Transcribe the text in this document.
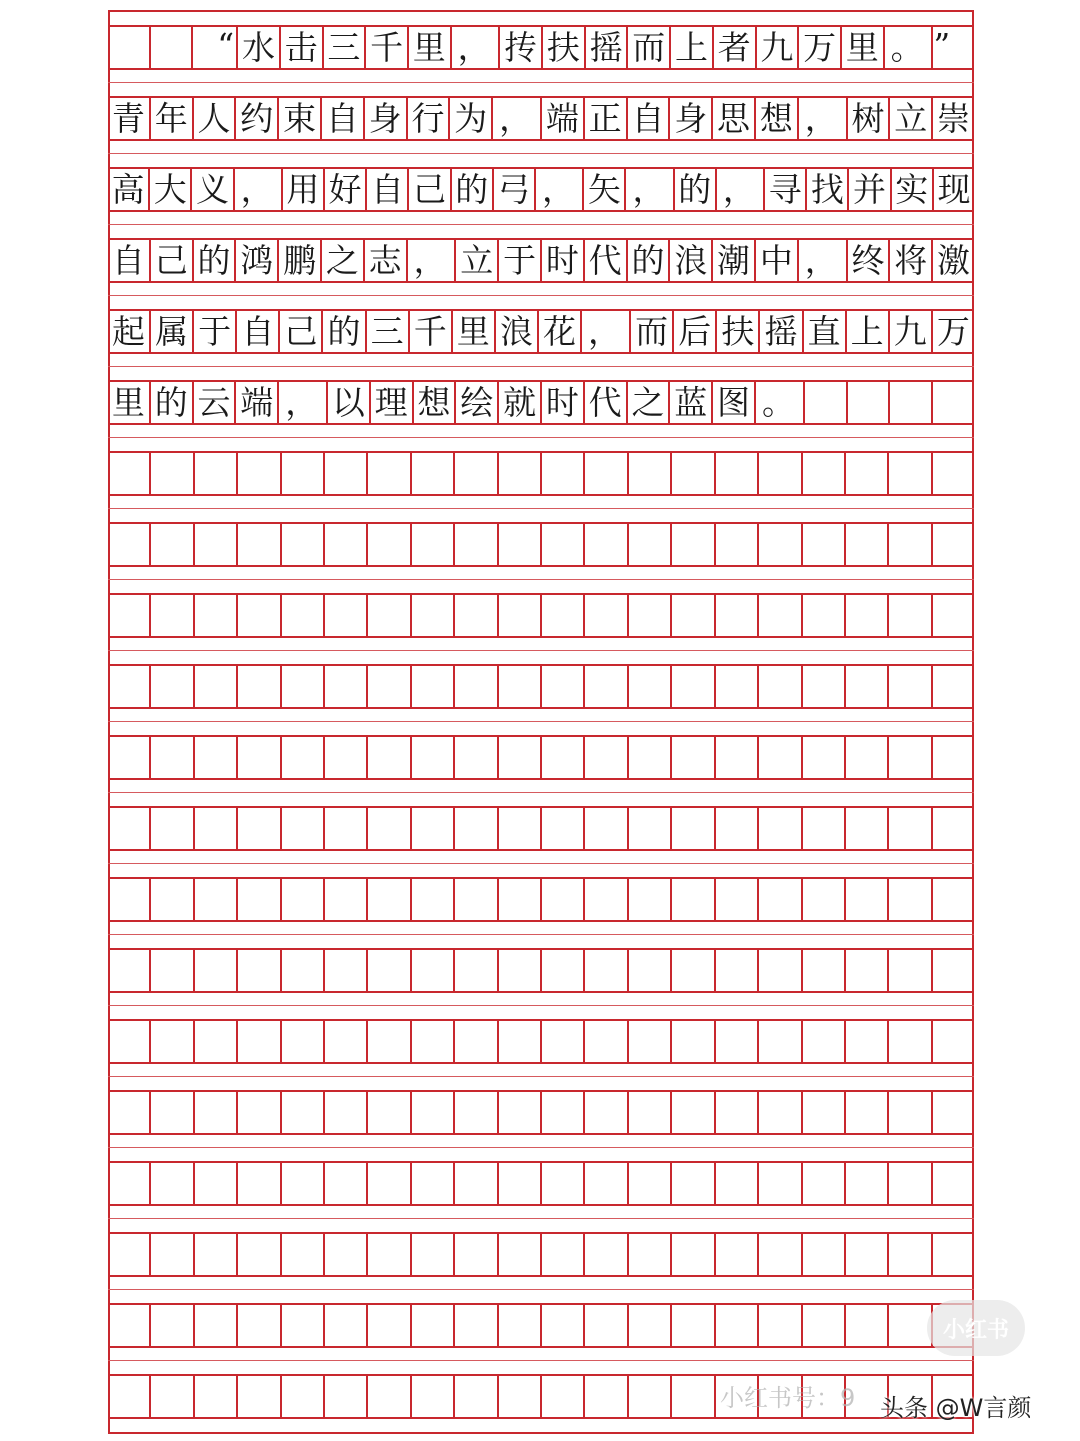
“ 水 击 三 千 里 ， 抟 扶 摇 而 上 者 九 万 里 。 ”
青 年 人 约 束 自 身 行 为 ， 端 正 自 身 思 想 ， 树 立 崇
高 大 义 ， 用 好 自 己 的 弓 ， 矢 ， 的 ， 寻 找 并 实 现
自 己 的 鸿 鹏 之 志 ， 立 于 时 代 的 浪 潮 中 ， 终 将 激
起 属 于 自 己 的 三 千 里 浪 花 ， 而 后 扶 摇 直 上 九 万
里 的 云 端 ， 以 理 想 绘 就 时 代 之 蓝 图 。
小红书
小红书号：9 头条 @W言颜
